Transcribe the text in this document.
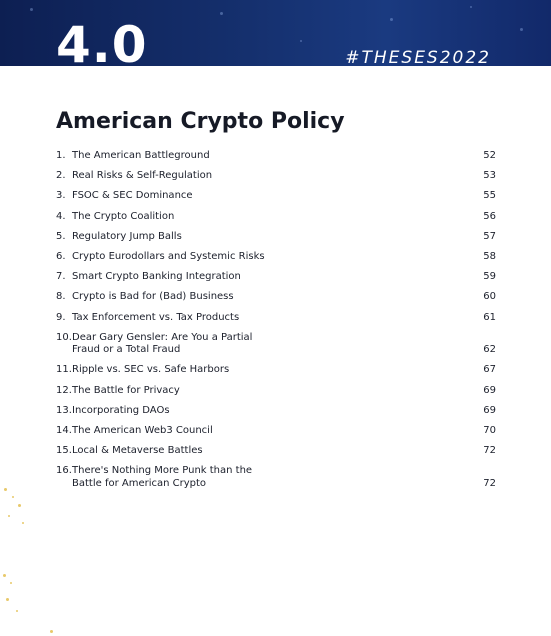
4.0	#THESES2022
American Crypto Policy
1. The American Battleground	52
2. Real Risks & Self-Regulation	53
3. FSOC & SEC Dominance	55
4. The Crypto Coalition	56
5. Regulatory Jump Balls	57
6. Crypto Eurodollars and Systemic Risks	58
7. Smart Crypto Banking Integration	59
8. Crypto is Bad for (Bad) Business	60
9. Tax Enforcement vs. Tax Products	61
10. Dear Gary Gensler: Are You a Partial Fraud or a Total Fraud	62
11. Ripple vs. SEC vs. Safe Harbors	67
12. The Battle for Privacy	69
13. Incorporating DAOs	69
14. The American Web3 Council	70
15. Local & Metaverse Battles	72
16. There's Nothing More Punk than the Battle for American Crypto	72
